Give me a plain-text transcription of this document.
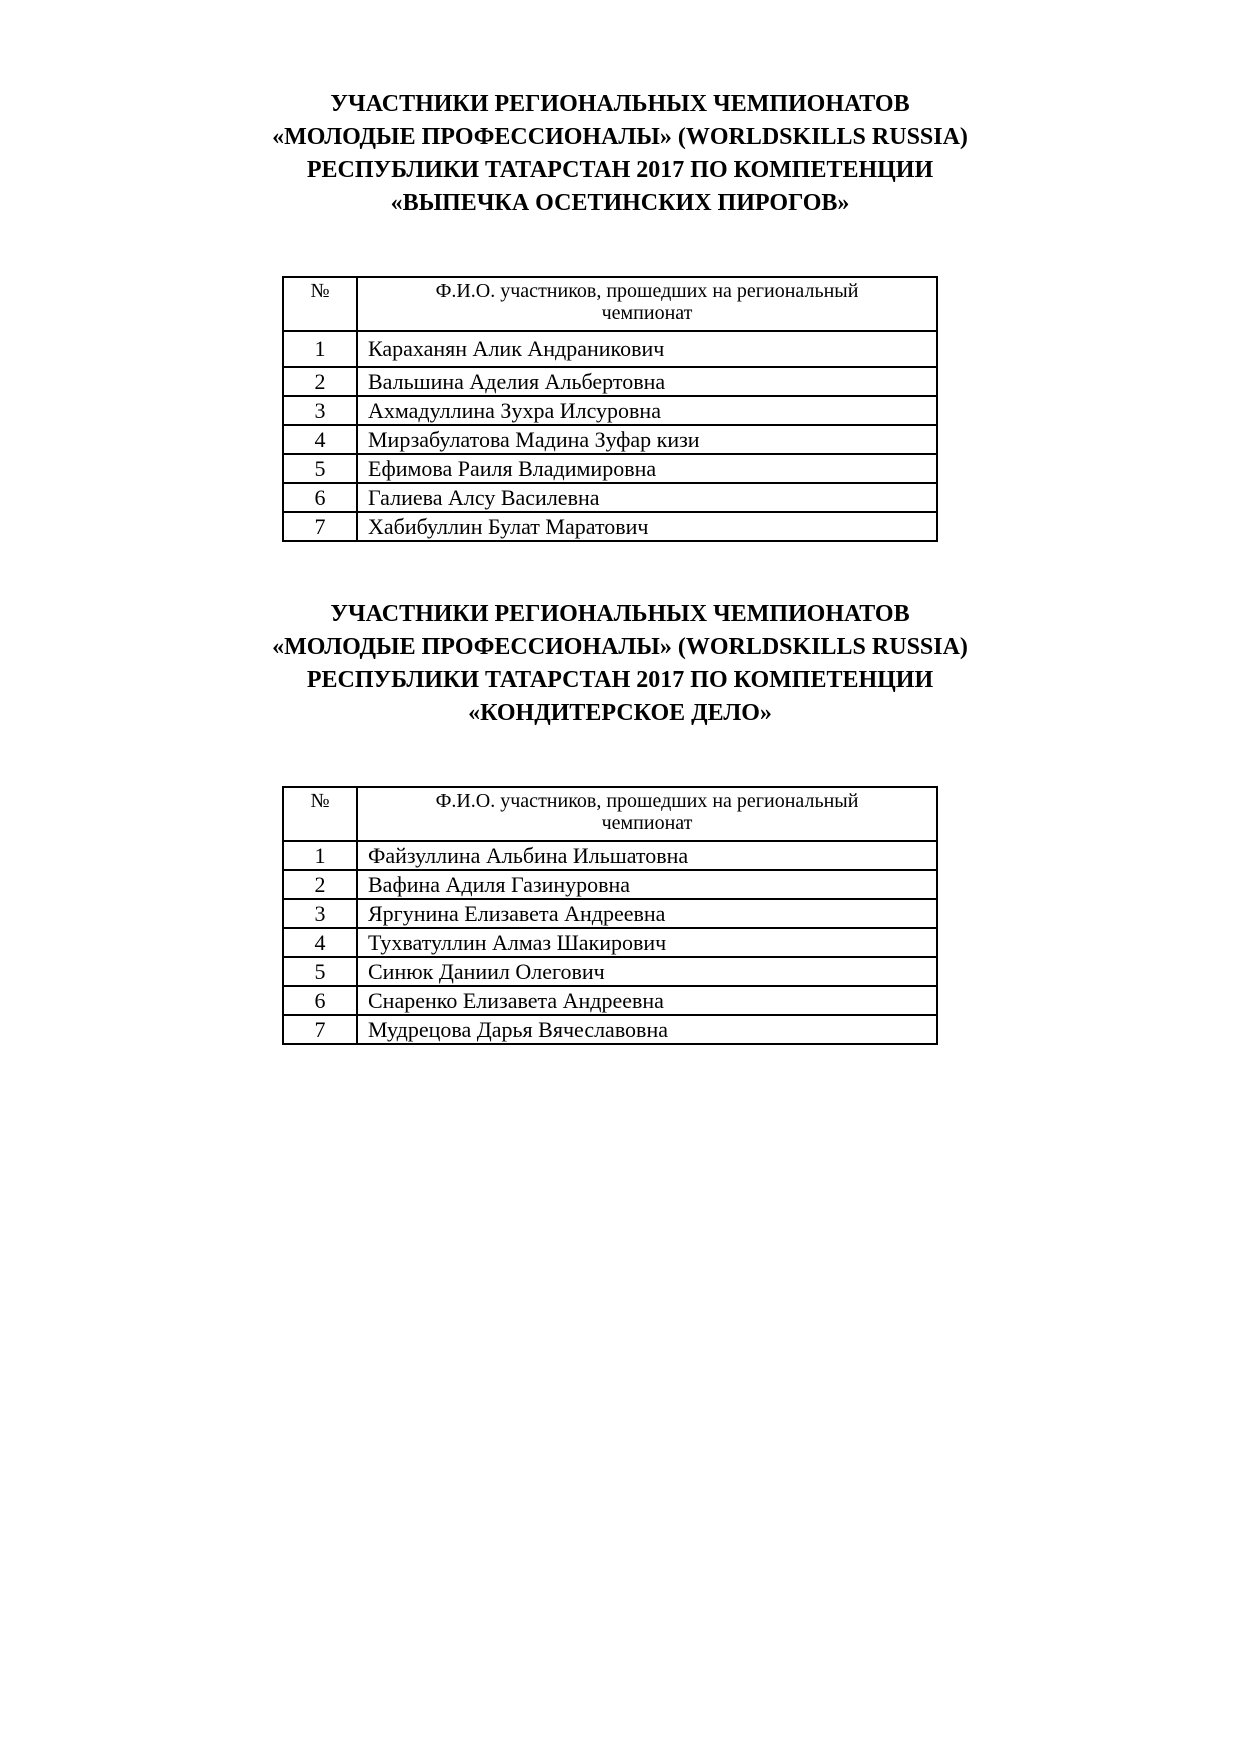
УЧАСТНИКИ РЕГИОНАЛЬНЫХ ЧЕМПИОНАТОВ
«МОЛОДЫЕ ПРОФЕССИОНАЛЫ» (WORLDSKILLS RUSSIA)
РЕСПУБЛИКИ ТАТАРСТАН 2017 ПО КОМПЕТЕНЦИИ
«ВЫПЕЧКА ОСЕТИНСКИХ ПИРОГОВ»
№	Ф.И.О. участников, прошедших на региональный
чемпионат
1	Караханян Алик Андраникович
2	Вальшина Аделия Альбертовна
3	Ахмадуллина Зухра Илсуровна
4	Мирзабулатова Мадина Зуфар кизи
5	Ефимова Раиля Владимировна
6	Галиева Алсу Василевна
7	Хабибуллин Булат Маратович
УЧАСТНИКИ РЕГИОНАЛЬНЫХ ЧЕМПИОНАТОВ
«МОЛОДЫЕ ПРОФЕССИОНАЛЫ» (WORLDSKILLS RUSSIA)
РЕСПУБЛИКИ ТАТАРСТАН 2017 ПО КОМПЕТЕНЦИИ
«КОНДИТЕРСКОЕ ДЕЛО»
№	Ф.И.О. участников, прошедших на региональный
чемпионат
1	Файзуллина Альбина Ильшатовна
2	Вафина Адиля Газинуровна
3	Яргунина Елизавета Андреевна
4	Тухватуллин Алмаз Шакирович
5	Синюк Даниил Олегович
6	Снаренко Елизавета Андреевна
7	Мудрецова Дарья Вячеславовна
